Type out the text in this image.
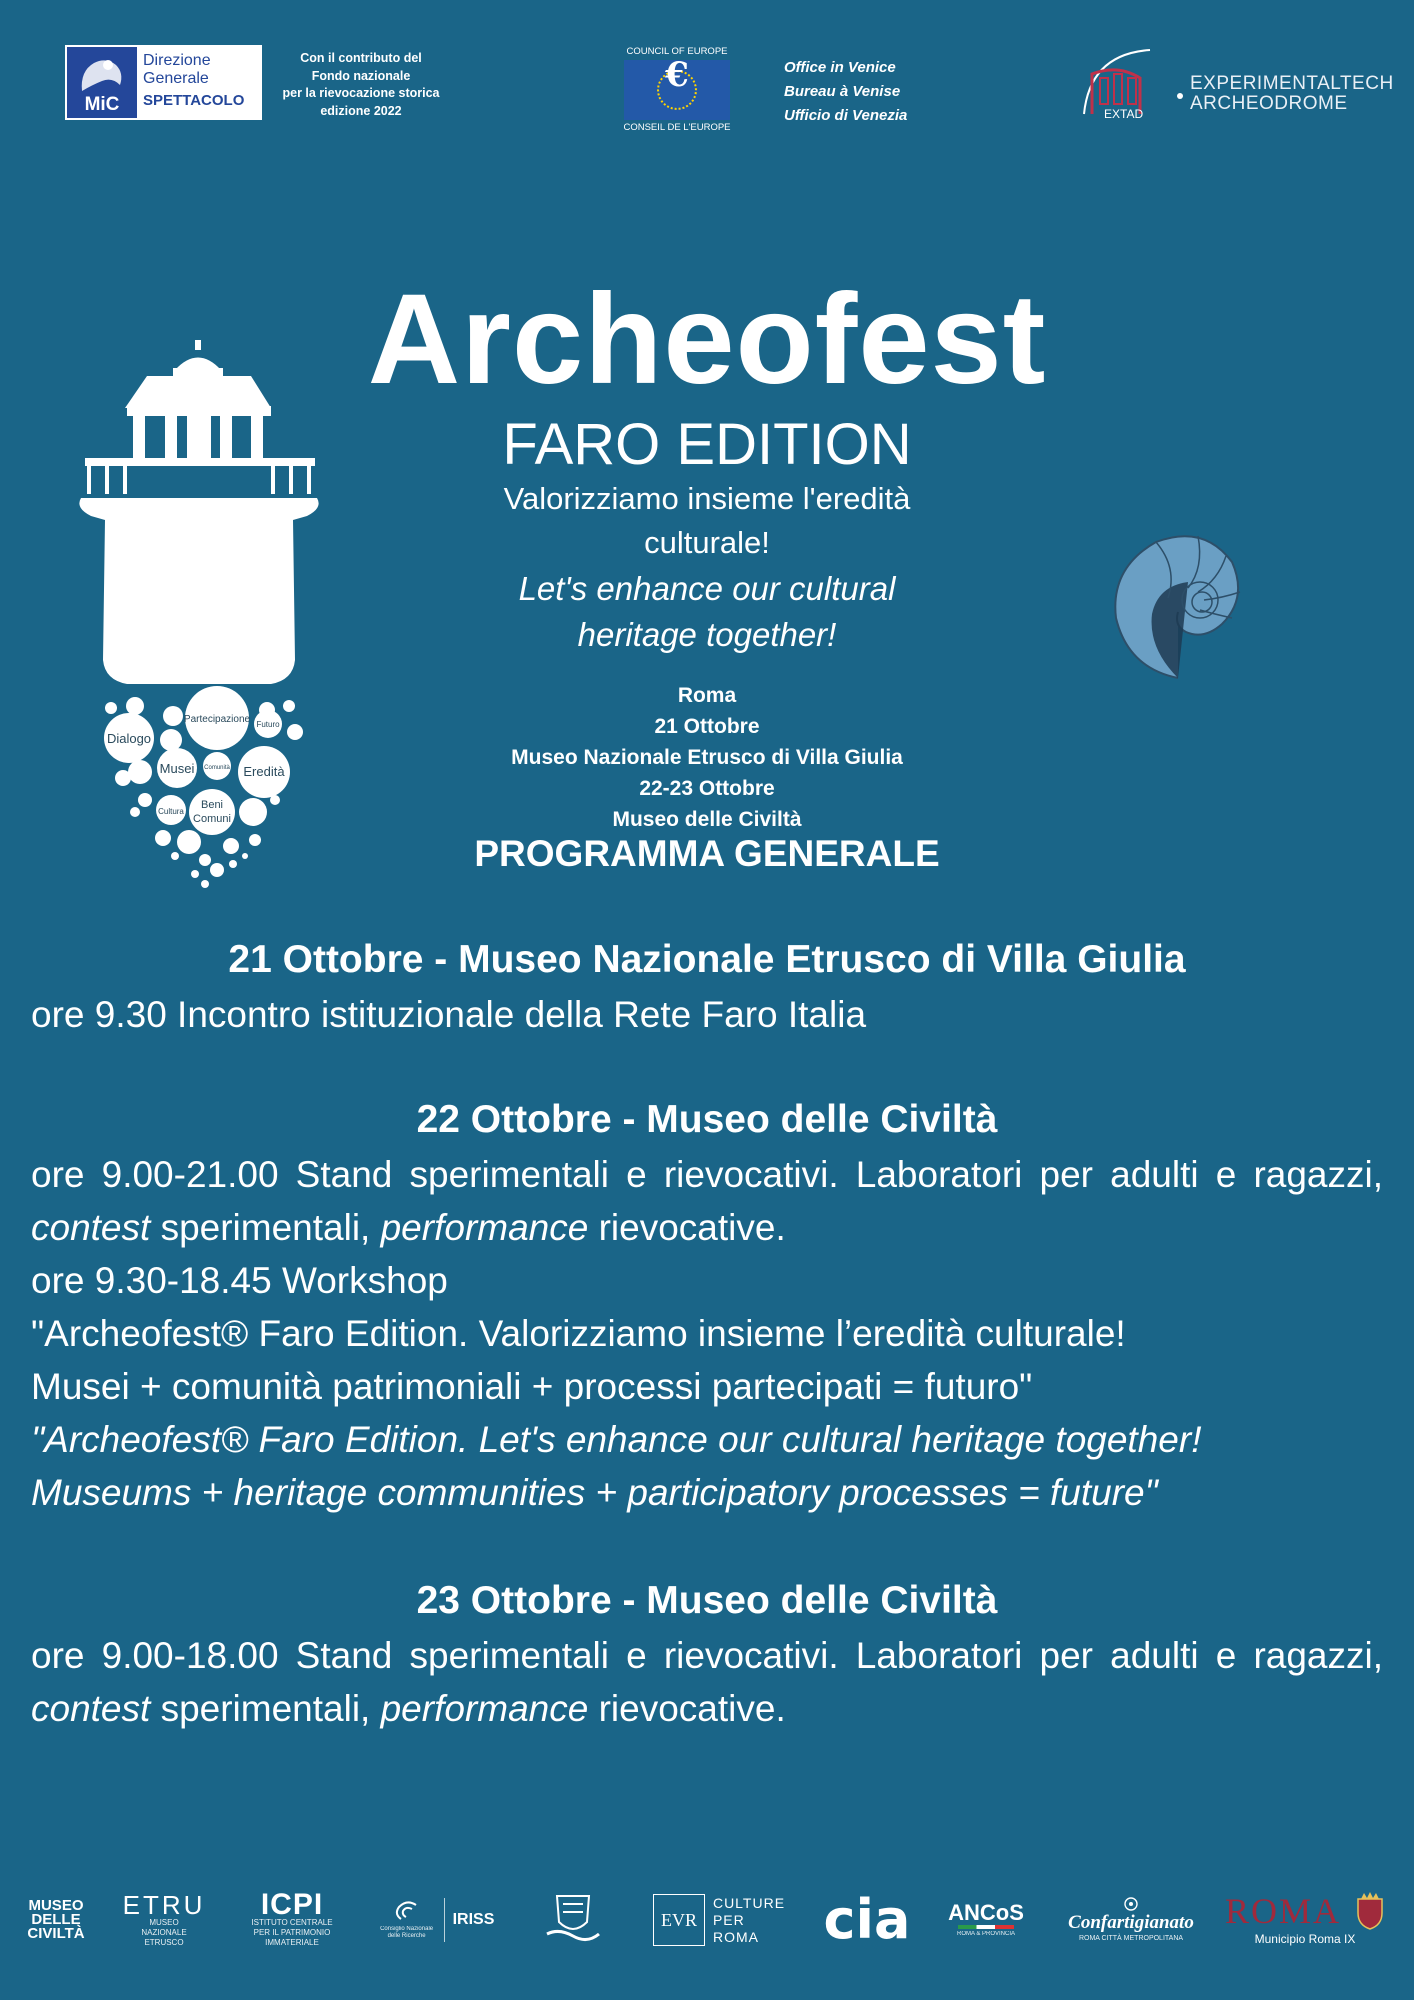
MiC
Direzione
Generale
SPETTACOLO
Con il contributo del
Fondo nazionale
per la rievocazione storica
edizione 2022
COUNCIL OF EUROPE
€
CONSEIL DE L'EUROPE
Office in Venice
Bureau à Venise
Ufficio di Venezia	EXTAD
EXPERIMENTALTECH
ARCHEODROME
Dialogo
Partecipazione Futuro
Musei Comunità Eredità
Cultura
Beni
Comuni
Archeofest
FARO EDITION
Valorizziamo insieme l'eredità
culturale!
Let's enhance our cultural
heritage together!
Roma
21 Ottobre
Museo Nazionale Etrusco di Villa Giulia
22-23 Ottobre
Museo delle Civiltà
PROGRAMMA GENERALE
21 Ottobre - Museo Nazionale Etrusco di Villa Giulia
ore 9.30 Incontro istituzionale della Rete Faro Italia
22 Ottobre - Museo delle Civiltà
ore 9.00-21.00 Stand sperimentali e rievocativi. Laboratori per adulti e ragazzi, contest sperimentali, performance rievocative.
ore 9.30-18.45 Workshop
"Archeofest® Faro Edition. Valorizziamo insieme l’eredità culturale!
Musei + comunità patrimoniali + processi partecipati = futuro"
"Archeofest® Faro Edition. Let's enhance our cultural heritage together!
Museums + heritage communities + participatory processes = future"
23 Ottobre - Museo delle Civiltà
ore 9.00-18.00 Stand sperimentali e rievocativi. Laboratori per adulti e ragazzi, contest sperimentali, performance rievocative.
MUSEO
DELLE
CIVILTÀ
ETRU
MUSEO NAZIONALE ETRUSCO
ICPI
ISTITUTO CENTRALE PER IL PATRIMONIO IMMATERIALE
Consiglio Nazionale delle Ricerche
IRISS	EVR
CULTURE
PER
ROMA	cia ANCoS
ROMA & PROVINCIA
Confartigianato
ROMA CITTÀ METROPOLITANA
ROMA
Municipio Roma IX
